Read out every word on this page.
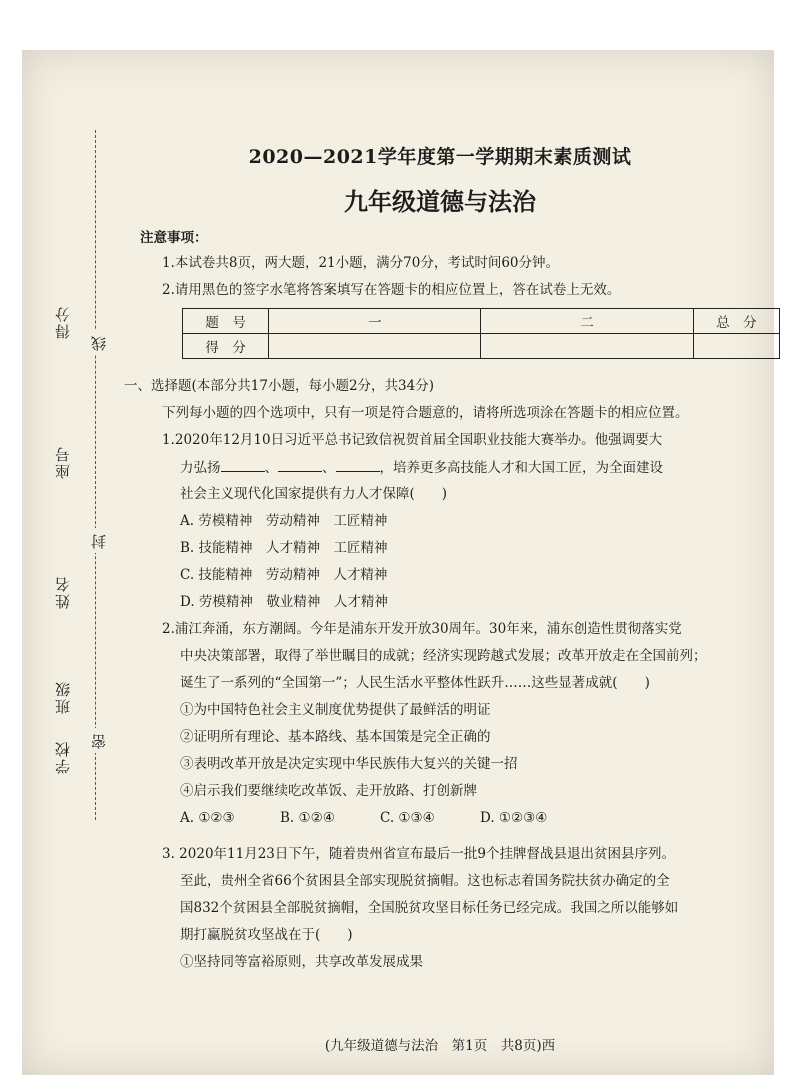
学校
班级
姓名
座号
得分
密
封
线
2020—2021学年度第一学期期末素质测试
九年级道德与法治
注意事项：
1.本试卷共8页，两大题，21小题，满分70分，考试时间60分钟。
2.请用黑色的签字水笔将答案填写在答题卡的相应位置上，答在试卷上无效。
题　号	一	二	总　分
得　分			
一、选择题(本部分共17小题，每小题2分，共34分)
下列每小题的四个选项中，只有一项是符合题意的，请将所选项涂在答题卡的相应位置。
1.2020年12月10日习近平总书记致信祝贺首届全国职业技能大赛举办。他强调要大
力弘扬	、	、	，培养更多高技能人才和大国工匠，为全面建设
社会主义现代化国家提供有力人才保障(　　)
A. 劳模精神　劳动精神　工匠精神
B. 技能精神　人才精神　工匠精神
C. 技能精神　劳动精神　人才精神
D. 劳模精神　敬业精神　人才精神
2.浦江奔涌，东方潮阔。今年是浦东开发开放30周年。30年来，浦东创造性贯彻落实党
中央决策部署，取得了举世瞩目的成就；经济实现跨越式发展；改革开放走在全国前列；
诞生了一系列的“全国第一”；人民生活水平整体性跃升……这些显著成就(　　)
①为中国特色社会主义制度优势提供了最鲜活的明证
②证明所有理论、基本路线、基本国策是完全正确的
③表明改革开放是决定实现中华民族伟大复兴的关键一招
④启示我们要继续吃改革饭、走开放路、打创新牌
A. ①②③	B. ①②④	C. ①③④	D. ①②③④
3. 2020年11月23日下午，随着贵州省宣布最后一批9个挂牌督战县退出贫困县序列。
至此，贵州全省66个贫困县全部实现脱贫摘帽。这也标志着国务院扶贫办确定的全
国832个贫困县全部脱贫摘帽，全国脱贫攻坚目标任务已经完成。我国之所以能够如
期打赢脱贫攻坚战在于(　　)
①坚持同等富裕原则，共享改革发展成果
(九年级道德与法治　第1页　共8页)西
